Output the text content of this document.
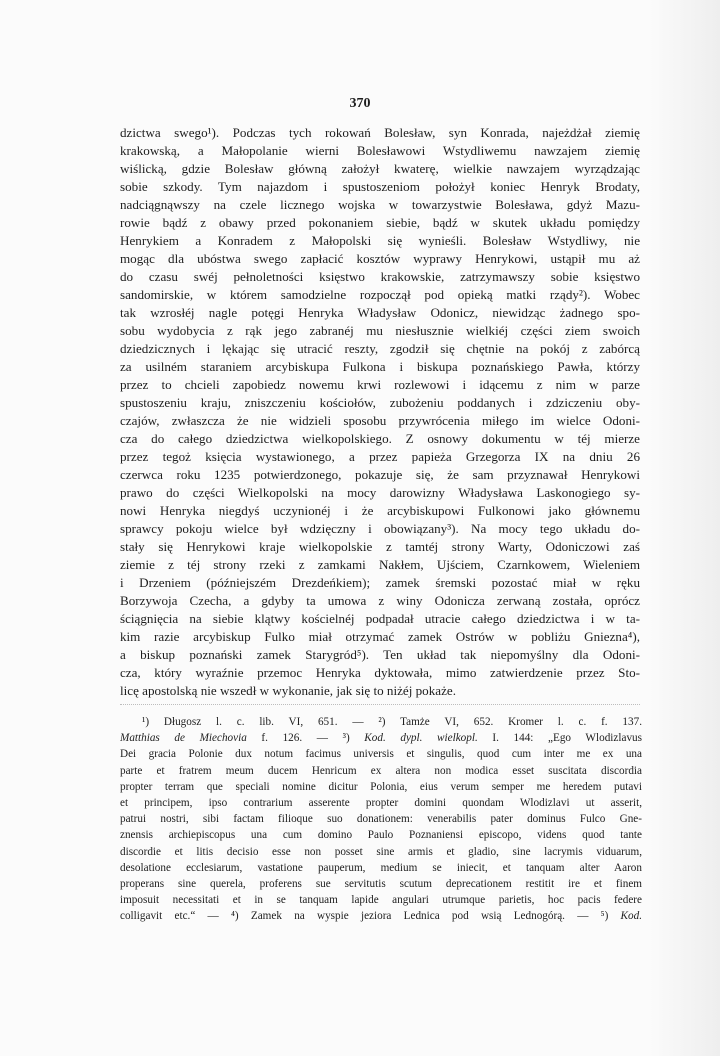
370
dzictwa swego¹). Podczas tych rokowań Bolesław, syn Konrada, najeżdżał ziemię
krakowską, a Małopolanie wierni Bolesławowi Wstydliwemu nawzajem ziemię
wiślicką, gdzie Bolesław główną założył kwaterę, wielkie nawzajem wyrządzając
sobie szkody. Tym najazdom i spustoszeniom położył koniec Henryk Brodaty,
nadciągnąwszy na czele licznego wojska w towarzystwie Bolesława, gdyż Mazu-
rowie bądź z obawy przed pokonaniem siebie, bądź w skutek układu pomiędzy
Henrykiem a Konradem z Małopolski się wynieśli. Bolesław Wstydliwy, nie
mogąc dla ubóstwa swego zapłacić kosztów wyprawy Henrykowi, ustąpił mu aż
do czasu swéj pełnoletności księstwo krakowskie, zatrzymawszy sobie księstwo
sandomirskie, w którem samodzielne rozpoczął pod opieką matki rządy²). Wobec
tak wzrosłéj nagle potęgi Henryka Władysław Odonicz, niewidząc żadnego spo-
sobu wydobycia z rąk jego zabranéj mu niesłusznie wielkiéj części ziem swoich
dziedzicznych i lękając się utracić reszty, zgodził się chętnie na pokój z zabórcą
za usilném staraniem arcybiskupa Fulkona i biskupa poznańskiego Pawła, którzy
przez to chcieli zapobiedz nowemu krwi rozlewowi i idącemu z nim w parze
spustoszeniu kraju, zniszczeniu kościołów, zubożeniu poddanych i zdziczeniu oby-
czajów, zwłaszcza że nie widzieli sposobu przywrócenia miłego im wielce Odoni-
cza do całego dziedzictwa wielkopolskiego. Z osnowy dokumentu w téj mierze
przez tegoż księcia wystawionego, a przez papieża Grzegorza IX na dniu 26
czerwca roku 1235 potwierdzonego, pokazuje się, że sam przyznawał Henrykowi
prawo do części Wielkopolski na mocy darowizny Władysława Laskonogiego sy-
nowi Henryka niegdyś uczynionéj i że arcybiskupowi Fulkonowi jako głównemu
sprawcy pokoju wielce był wdzięczny i obowiązany³). Na mocy tego układu do-
stały się Henrykowi kraje wielkopolskie z tamtéj strony Warty, Odoniczowi zaś
ziemie z téj strony rzeki z zamkami Nakłem, Ujściem, Czarnkowem, Wieleniem
i Drzeniem (późniejszém Drezdeńkiem); zamek śremski pozostać miał w ręku
Borzywoja Czecha, a gdyby ta umowa z winy Odonicza zerwaną została, oprócz
ściągnięcia na siebie klątwy kościelnéj podpadał utracie całego dziedzictwa i w ta-
kim razie arcybiskup Fulko miał otrzymać zamek Ostrów w pobliżu Gniezna⁴),
a biskup poznański zamek Starygród⁵). Ten układ tak niepomyślny dla Odoni-
cza, który wyraźnie przemoc Henryka dyktowała, mimo zatwierdzenie przez Sto-
licę apostolską nie wszedł w wykonanie, jak się to niżéj pokaże.
¹) Długosz l. c. lib. VI, 651. — ²) Tamże VI, 652. Kromer l. c. f. 137.
Matthias de Miechovia f. 126. — ³) Kod. dypl. wielkopl. I. 144: „Ego Wlodizlavus
Dei gracia Polonie dux notum facimus universis et singulis, quod cum inter me ex una
parte et fratrem meum ducem Henricum ex altera non modica esset suscitata discordia
propter terram que speciali nomine dicitur Polonia, eius verum semper me heredem putavi
et principem, ipso contrarium asserente propter domini quondam Wlodizlavi ut asserit,
patrui nostri, sibi factam filioque suo donationem: venerabilis pater dominus Fulco Gne-
znensis archiepiscopus una cum domino Paulo Poznaniensi episcopo, videns quod tante
discordie et litis decisio esse non posset sine armis et gladio, sine lacrymis viduarum,
desolatione ecclesiarum, vastatione pauperum, medium se iniecit, et tanquam alter Aaron
properans sine querela, proferens sue servitutis scutum deprecationem restitit ire et finem
imposuit necessitati et in se tanquam lapide angulari utrumque parietis, hoc pacis federe
colligavit etc.“ — ⁴) Zamek na wyspie jeziora Lednica pod wsią Lednogórą. — ⁵) Kod.
